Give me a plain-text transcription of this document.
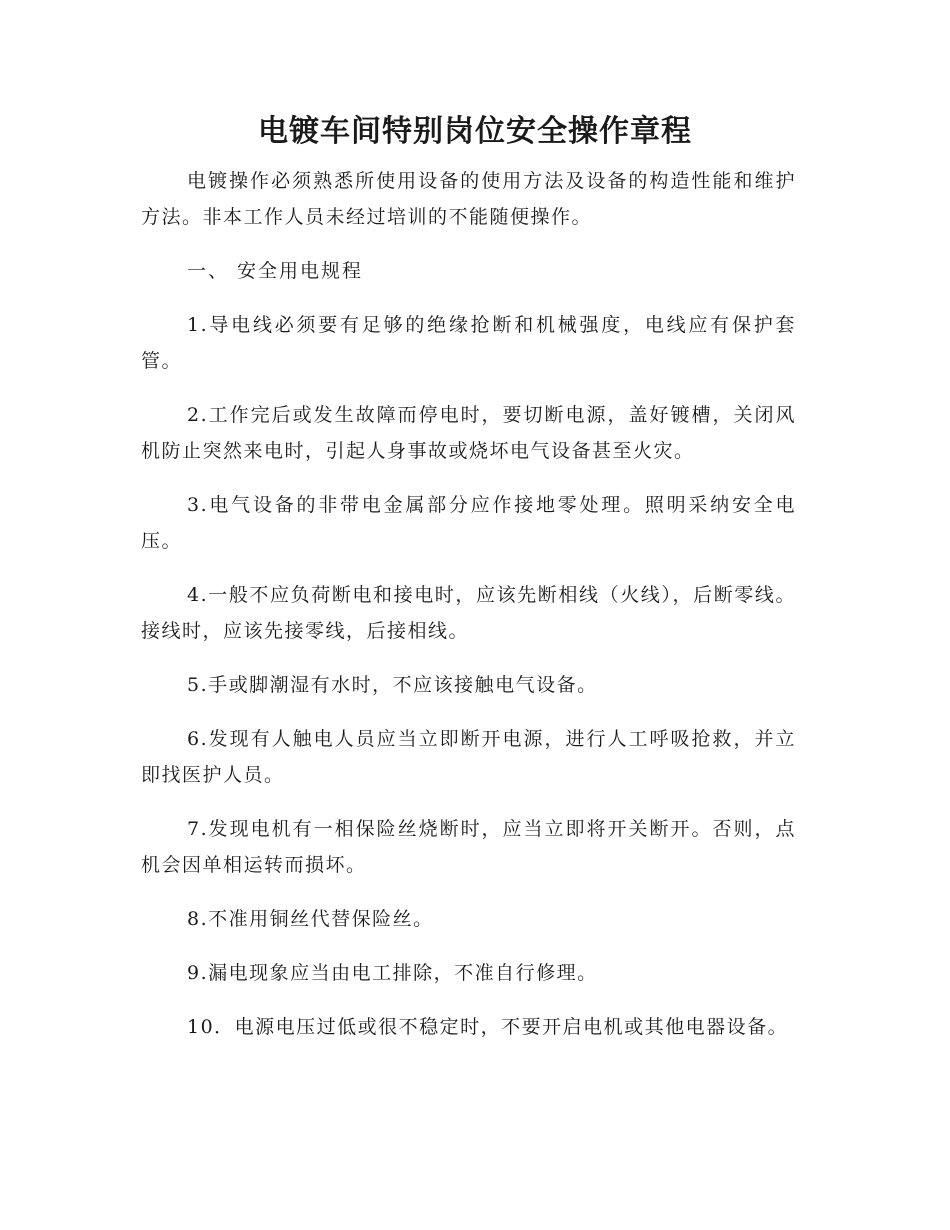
电镀车间特别岗位安全操作章程

电镀操作必须熟悉所使用设备的使用方法及设备的构造性能和维护方法。非本工作人员未经过培训的不能随便操作。

一、 安全用电规程

1.导电线必须要有足够的绝缘抢断和机械强度，电线应有保护套管。

2.工作完后或发生故障而停电时，要切断电源，盖好镀槽，关闭风机防止突然来电时，引起人身事故或烧坏电气设备甚至火灾。

3.电气设备的非带电金属部分应作接地零处理。照明采纳安全电压。

4.一般不应负荷断电和接电时，应该先断相线（火线），后断零线。接线时，应该先接零线，后接相线。

5.手或脚潮湿有水时，不应该接触电气设备。

6.发现有人触电人员应当立即断开电源，进行人工呼吸抢救，并立即找医护人员。

7.发现电机有一相保险丝烧断时，应当立即将开关断开。否则，点机会因单相运转而损坏。

8.不准用铜丝代替保险丝。

9.漏电现象应当由电工排除，不准自行修理。

10．电源电压过低或很不稳定时，不要开启电机或其他电器设备。
